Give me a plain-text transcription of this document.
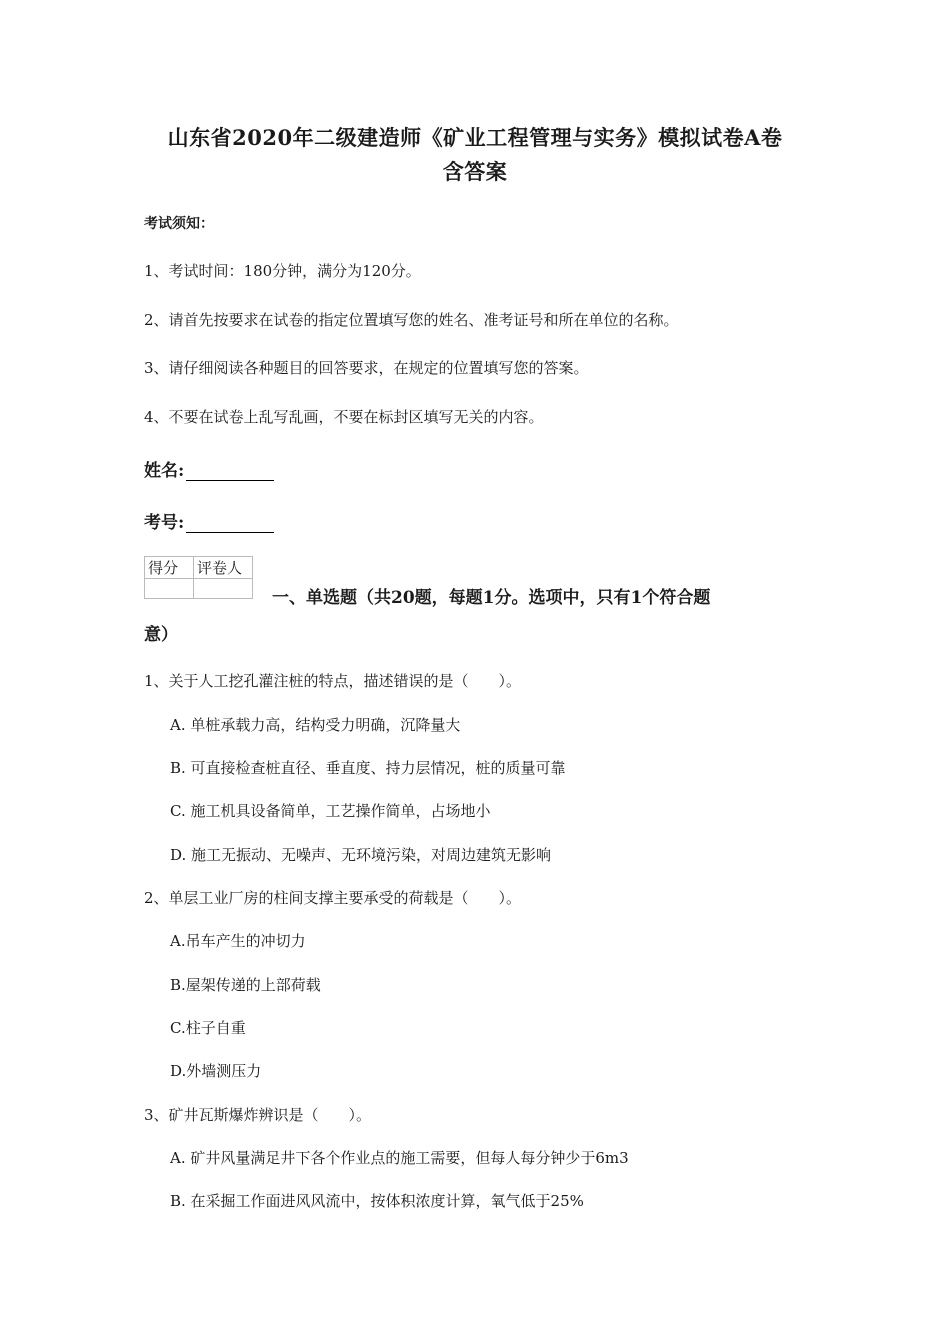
山东省2020年二级建造师《矿业工程管理与实务》模拟试卷A卷
含答案
考试须知：
1、考试时间：180分钟，满分为120分。
2、请首先按要求在试卷的指定位置填写您的姓名、准考证号和所在单位的名称。
3、请仔细阅读各种题目的回答要求，在规定的位置填写您的答案。
4、不要在试卷上乱写乱画，不要在标封区填写无关的内容。
姓名:
考号:
得分	评卷人

一、单选题（共20题，每题1分。选项中，只有1个符合题
意）
1、关于人工挖孔灌注桩的特点，描述错误的是（　　）。
A. 单桩承载力高，结构受力明确，沉降量大
B. 可直接检查桩直径、垂直度、持力层情况，桩的质量可靠
C. 施工机具设备简单，工艺操作简单，占场地小
D. 施工无振动、无噪声、无环境污染，对周边建筑无影响
2、单层工业厂房的柱间支撑主要承受的荷载是（　　）。
A.吊车产生的冲切力
B.屋架传递的上部荷载
C.柱子自重
D.外墙测压力
3、矿井瓦斯爆炸辨识是（　　）。
A. 矿井风量满足井下各个作业点的施工需要，但每人每分钟少于6m3
B. 在采掘工作面进风风流中，按体积浓度计算，氧气低于25%
